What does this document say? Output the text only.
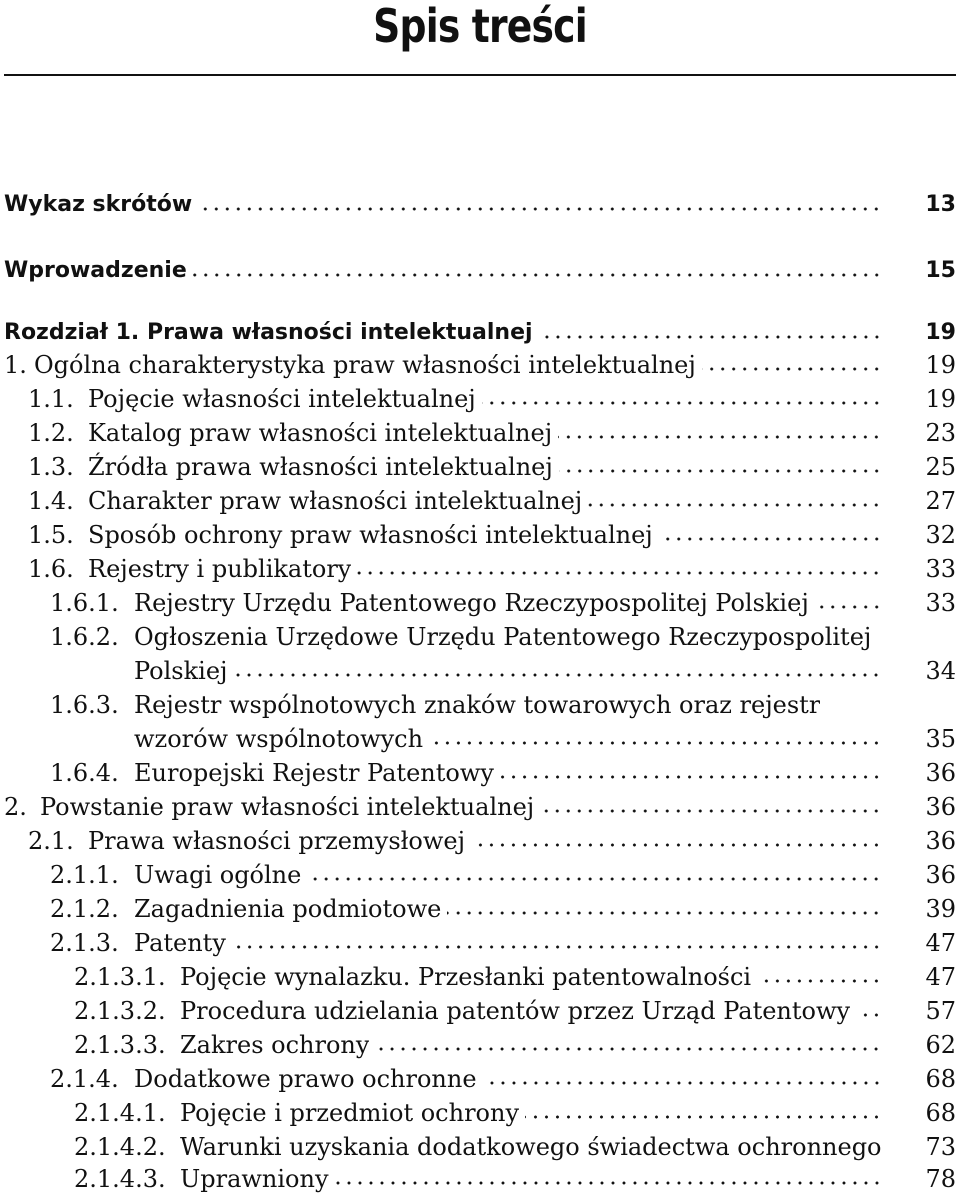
Spis treści
Wykaz skrótów	13
Wprowadzenie	15
Rozdział 1. Prawa własności intelektualnej	19
1. Ogólna charakterystyka praw własności intelektualnej	19
1.1. Pojęcie własności intelektualnej	19
1.2. Katalog praw własności intelektualnej	23
1.3. Źródła prawa własności intelektualnej	25
1.4. Charakter praw własności intelektualnej	27
1.5. Sposób ochrony praw własności intelektualnej	32
1.6. Rejestry i publikatory	33
1.6.1. Rejestry Urzędu Patentowego Rzeczypospolitej Polskiej	33
1.6.2. Ogłoszenia Urzędowe Urzędu Patentowego Rzeczypospolitej
Polskiej	34
1.6.3. Rejestr wspólnotowych znaków towarowych oraz rejestr
wzorów wspólnotowych	35
1.6.4. Europejski Rejestr Patentowy	36
2. Powstanie praw własności intelektualnej	36
2.1. Prawa własności przemysłowej	36
2.1.1. Uwagi ogólne	36
2.1.2. Zagadnienia podmiotowe	39
2.1.3. Patenty	47
2.1.3.1. Pojęcie wynalazku. Przesłanki patentowalności	47
2.1.3.2. Procedura udzielania patentów przez Urząd Patentowy	57
2.1.3.3. Zakres ochrony	62
2.1.4. Dodatkowe prawo ochronne	68
2.1.4.1. Pojęcie i przedmiot ochrony	68
2.1.4.2. Warunki uzyskania dodatkowego świadectwa ochronnego	73
2.1.4.3. Uprawniony	78
